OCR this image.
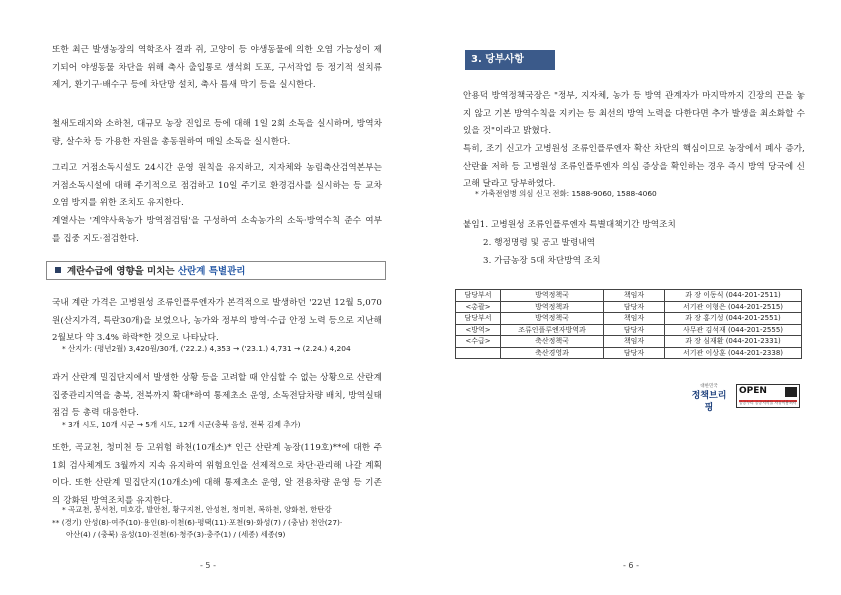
또한 최근 발생농장의 역학조사 결과 쥐, 고양이 등 야생동물에 의한 오염 가능성이 제기되어 야생동물 차단을 위해 축사 출입통로 생석회 도포, 구서작업 등 정기적 설치류 제거, 환기구·배수구 등에 차단망 설치, 축사 틈새 막기 등을 실시한다.

철새도래지와 소하천, 대규모 농장 진입로 등에 대해 1일 2회 소독을 실시하며, 방역차량, 살수차 등 가용한 자원을 총동원하여 매일 소독을 실시한다.

그리고 거점소독시설도 24시간 운영 원칙을 유지하고, 지자체와 농림축산검역본부는 거점소독시설에 대해 주기적으로 점검하고 10일 주기로 환경검사를 실시하는 등 교차오염 방지를 위한 조치도 유지한다.

계열사는 '계약사육농가 방역점검팀'을 구성하여 소속농가의 소독·방역수칙 준수 여부를 집중 지도·점검한다.

계란수급에 영향을 미치는 산란계 특별관리

국내 계란 가격은 고병원성 조류인플루엔자가 본격적으로 발생하던 '22년 12월 5,070원(산지가격, 특란30개)을 보였으나, 농가와 정부의 방역·수급 안정 노력 등으로 지난해 2월보다 약 3.4% 하락*한 것으로 나타났다.

* 산지가: (평년2월) 3,420원/30개, ('22.2.) 4,353 → ('23.1.) 4,731 → (2.24.) 4,204

과거 산란계 밀집단지에서 발생한 상황 등을 고려할 때 안심할 수 없는 상황으로 산란계 집중관리지역을 충북, 전북까지 확대*하여 통제초소 운영, 소독전담차량 배치, 방역실태 점검 등 총력 대응한다.

* 3개 시도, 10개 시군 → 5개 시도, 12개 시군(충북 음성, 전북 김제 추가)

또한, 곡교천, 청미천 등 고위험 하천(10개소)* 인근 산란계 농장(119호)**에 대한 주 1회 검사체계도 3월까지 지속 유지하여 위험요인을 선제적으로 차단·관리해 나갈 계획이다. 또한 산란계 밀집단지(10개소)에 대해 통제초소 운영, 알 전용차량 운영 등 기존의 강화된 방역조치를 유지한다.

* 곡교천, 봉서천, 미호강, 발안천, 황구지천, 안성천, 청미천, 복하천, 양화천, 한탄강

** (경기) 안성(8)·여주(10)·용인(8)·이천(6)·평택(11)·포천(9)·화성(7) / (충남) 천안(27)·

아산(4) / (충북) 음성(10)·진천(6)·청주(3)·충주(1) / (세종) 세종(9)

- 5 -
3. 당부사항

안용덕 방역정책국장은 "정부, 지자체, 농가 등 방역 관계자가 마지막까지 긴장의 끈을 놓지 않고 기본 방역수칙을 지키는 등 최선의 방역 노력을 다한다면 추가 발생을 최소화할 수 있을 것"이라고 밝혔다.

특히, 조기 신고가 고병원성 조류인플루엔자 확산 차단의 핵심이므로 농장에서 폐사 증가, 산란율 저하 등 고병원성 조류인플루엔자 의심 증상을 확인하는 경우 즉시 방역 당국에 신고해 달라고 당부하였다.

* 가축전염병 의심 신고 전화: 1588-9060, 1588-4060

붙임1. 고병원성 조류인플루엔자 특별대책기간 방역조치

2. 행정명령 및 공고 발령내역

3. 가금농장 5대 차단방역 조치

- 6 -
담당부서	방역정책국	책임자	과 장 이동식 (044-201-2511)
<총괄>	방역정책과	담당자	서기관 이형은 (044-201-2515)
담당부서	방역정책국	책임자	과 장 홍기성 (044-201-2551)
<방역>	조류인플루엔자방역과	담당자	사무관 김석재 (044-201-2555)
<수급>	축산정책국	책임자	과 장 심재환 (044-201-2331)
	축산경영과	담당자	서기관 이상훈 (044-201-2338)
대한민국
정책브리핑
OPEN
공공누리 공공저작물 자유이용허락
